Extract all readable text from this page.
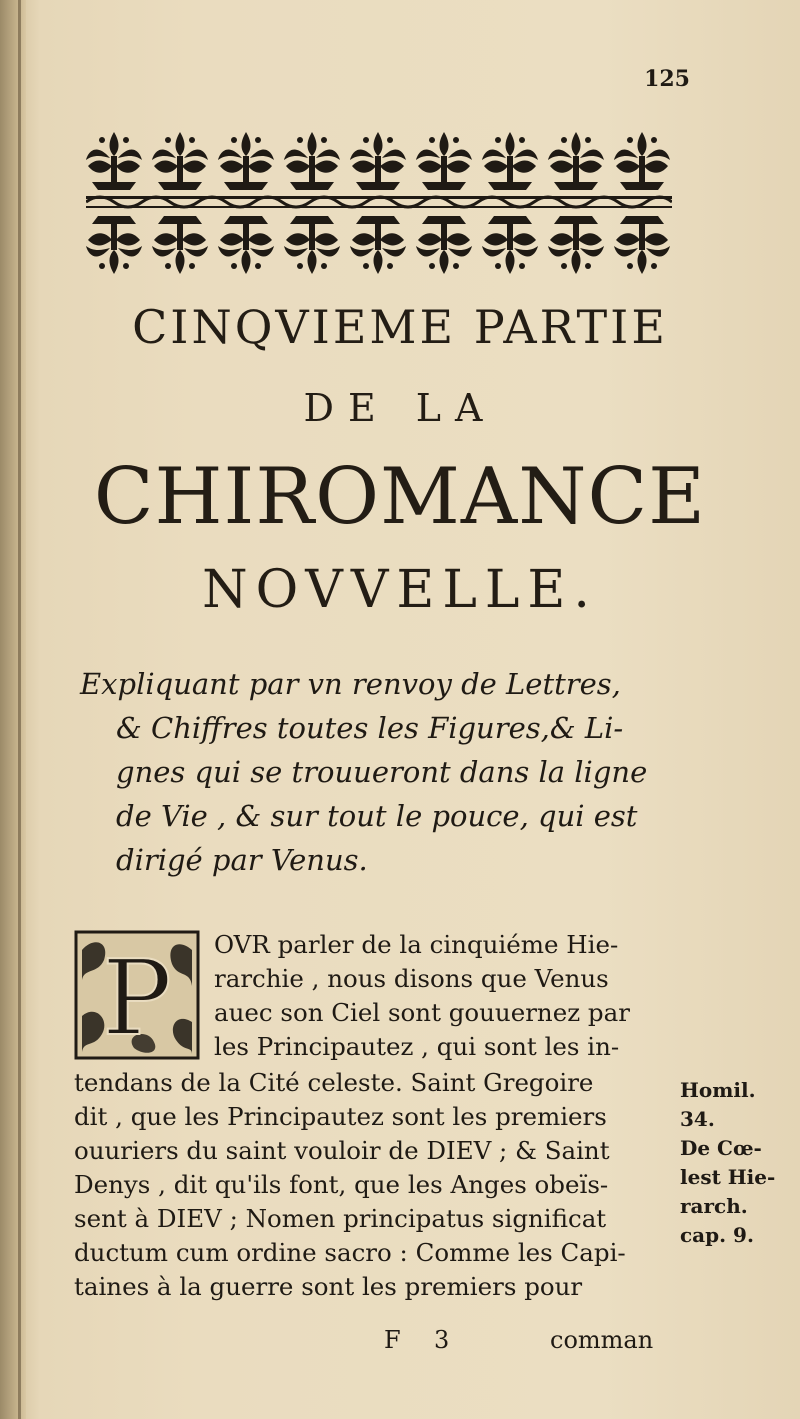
125
CINQVIEME PARTIE
DE LA
CHIROMANCE
NOVVELLE.

Expliquant par vn renvoy de Lettres,

& Chiffres toutes les Figures,& Li-

gnes qui se trouueront dans la ligne

de Vie , & sur tout le pouce, qui est

dirigé par Venus.

P OVR parler de la cinquiéme Hie-
rarchie , nous disons que Venus
auec son Ciel sont gouuernez par
les Principautez , qui sont les in-
tendans de la Cité celeste. Saint Gregoire
dit , que les Principautez sont les premiers
ouuriers du saint vouloir de DIEV ; & Saint
Denys , dit qu'ils font, que les Anges obeïs-
sent à DIEV ; Nomen principatus significat
ductum cum ordine sacro : Comme les Capi-
taines à la guerre sont les premiers pour
Homil.
34.
De Cœ-
lest Hie-
rarch.
cap. 9.
F 3	comman
